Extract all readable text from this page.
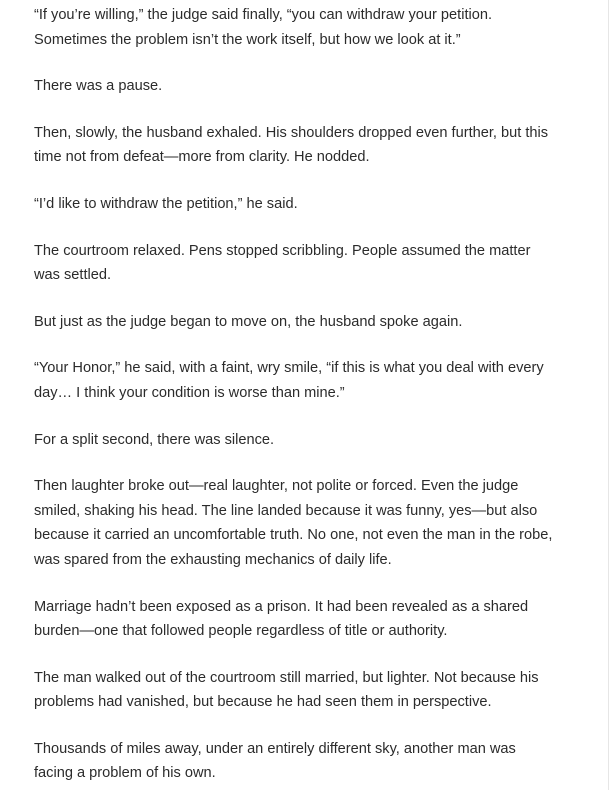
“If you’re willing,” the judge said finally, “you can withdraw your petition.
Sometimes the problem isn’t the work itself, but how we look at it.”

There was a pause.

Then, slowly, the husband exhaled. His shoulders dropped even further, but this
time not from defeat—more from clarity. He nodded.

“I’d like to withdraw the petition,” he said.

The courtroom relaxed. Pens stopped scribbling. People assumed the matter
was settled.

But just as the judge began to move on, the husband spoke again.

“Your Honor,” he said, with a faint, wry smile, “if this is what you deal with every
day… I think your condition is worse than mine.”

For a split second, there was silence.

Then laughter broke out—real laughter, not polite or forced. Even the judge
smiled, shaking his head. The line landed because it was funny, yes—but also
because it carried an uncomfortable truth. No one, not even the man in the robe,
was spared from the exhausting mechanics of daily life.

Marriage hadn’t been exposed as a prison. It had been revealed as a shared
burden—one that followed people regardless of title or authority.

The man walked out of the courtroom still married, but lighter. Not because his
problems had vanished, but because he had seen them in perspective.

Thousands of miles away, under an entirely different sky, another man was
facing a problem of his own.
